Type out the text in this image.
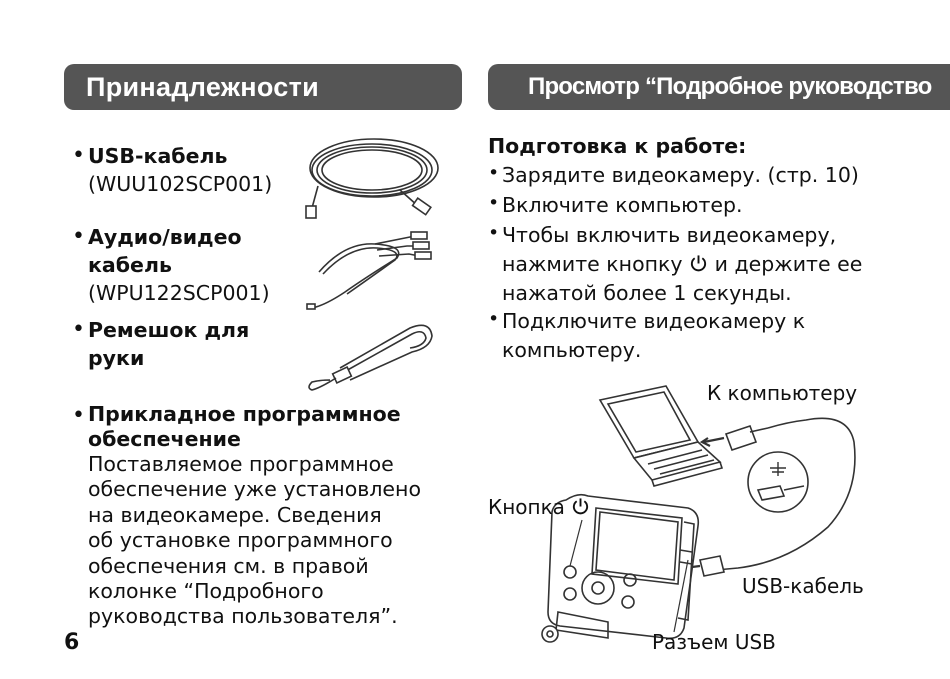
Принадлежности	Просмотр “Подробное руководство
• USB-кабель
(WUU102SCP001)
• Аудио/видео
кабель
(WPU122SCP001)
• Ремешок для
руки
• Прикладное программное
обеспечение
Поставляемое программное
обеспечение уже установлено
на видеокамере. Сведения
об установке программного
обеспечения см. в правой
колонке “Подробного
руководства пользователя”.
6
Подготовка к работе:
• Зарядите видеокамеру. (стр. 10)
• Включите компьютер.
• Чтобы включить видеокамеру,
нажмите кнопку и держите ее
нажатой более 1 секунды.
• Подключите видеокамеру к
компьютеру.
К компьютеру
Кнопка
USB-кабель
Разъем USB
